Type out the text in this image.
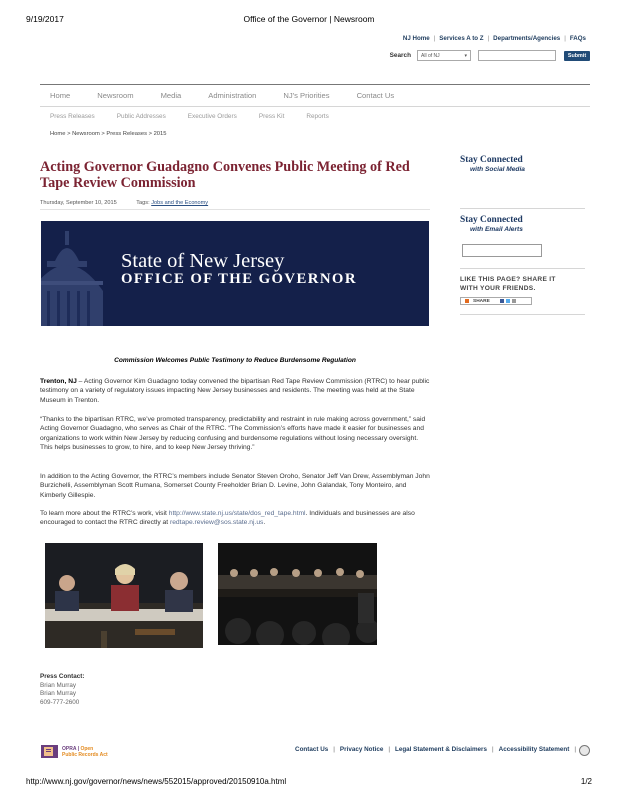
9/19/2017	Office of the Governor | Newsroom
NJ Home | Services A to Z | Departments/Agencies | FAQs
Search All of NJ	▾	Submit
Home	Newsroom	Media	Administration	NJ's Priorities	Contact Us
Press Releases	Public Addresses	Executive Orders	Press Kit	Reports
Home > Newsroom > Press Releases > 2015
Acting Governor Guadagno Convenes Public Meeting of Red Tape Review Commission
Thursday, September 10, 2015	Tags: Jobs and the Economy
State of New Jersey
OFFICE OF THE GOVERNOR
Commission Welcomes Public Testimony to Reduce Burdensome Regulation

Trenton, NJ – Acting Governor Kim Guadagno today convened the bipartisan Red Tape Review Commission (RTRC) to hear public testimony on a variety of regulatory issues impacting New Jersey businesses and residents. The meeting was held at the State Museum in Trenton.

“Thanks to the bipartisan RTRC, we’ve promoted transparency, predictability and restraint in rule making across government,” said Acting Governor Guadagno, who serves as Chair of the RTRC. “The Commission’s efforts have made it easier for businesses and organizations to work within New Jersey by reducing confusing and burdensome regulations without losing necessary oversight. This helps businesses to grow, to hire, and to keep New Jersey thriving.”

In addition to the Acting Governor, the RTRC’s members include Senator Steven Oroho, Senator Jeff Van Drew, Assemblyman John Burzichelli, Assemblyman Scott Rumana, Somerset County Freeholder Brian D. Levine, John Galandak, Tony Monteiro, and Kimberly Gillespie.

To learn more about the RTRC’s work, visit http://www.state.nj.us/state/dos_red_tape.html. Individuals and businesses are also encouraged to contact the RTRC directly at redtape.review@sos.state.nj.us.

Press Contact:
Brian Murray
Brian Murray
609-777-2600
Stay Connected
with Social Media
Stay Connected
with Email Alerts
LIKE THIS PAGE? SHARE IT
WITH YOUR FRIENDS.
SHARE
OPRA | Open
Public Records Act
Contact Us | Privacy Notice | Legal Statement & Disclaimers | Accessibility Statement |
http://www.nj.gov/governor/news/news/552015/approved/20150910a.html	1/2
